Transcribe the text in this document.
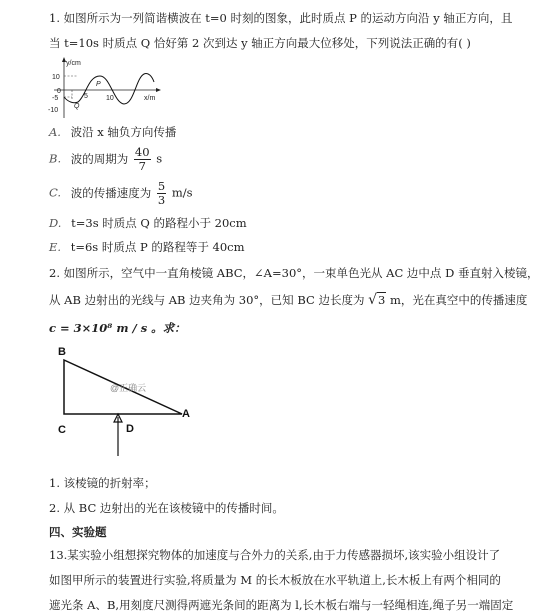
1. 如图所示为一列简谐横波在 t=0 时刻的图象，此时质点 P 的运动方向沿 y 轴正方向，且
当 t=10s 时质点 Q 恰好第 2 次到达 y 轴正方向最大位移处，下列说法正确的有( )
y/cm
x/m
10
0
-5
-10
5	10
P
Q
A. 波沿 x 轴负方向传播
B. 波的周期为 $\frac{40}{7}$ s
C. 波的传播速度为 $\frac{5}{3} m/s$
D. t=3s 时质点 Q 的路程小于 20cm
E. t=6s 时质点 P 的路程等于 40cm
2. 如图所示，空气中一直角棱镜 ABC，∠A=30°，一束单色光从 AC 边中点 D 垂直射入棱镜，
从 AB 边射出的光线与 AB 边夹角为 30°，已知 BC 边长度为 √3 m，光在真空中的传播速度
c = 3×10⁸ m / s 。求：
B
C
A
D
@正确云
1. 该棱镜的折射率；
2. 从 BC 边射出的光在该棱镜中的传播时间。
四、实验题
13.某实验小组想探究物体的加速度与合外力的关系,由于力传感器损坏,该实验小组设计了
如图甲所示的装置进行实验,将质量为 M 的长木板放在水平轨道上,长木板上有两个相同的
遮光条 A、B,用刻度尺测得两遮光条间的距离为 l,长木板右端与一轻绳相连,绳子另一端固定
